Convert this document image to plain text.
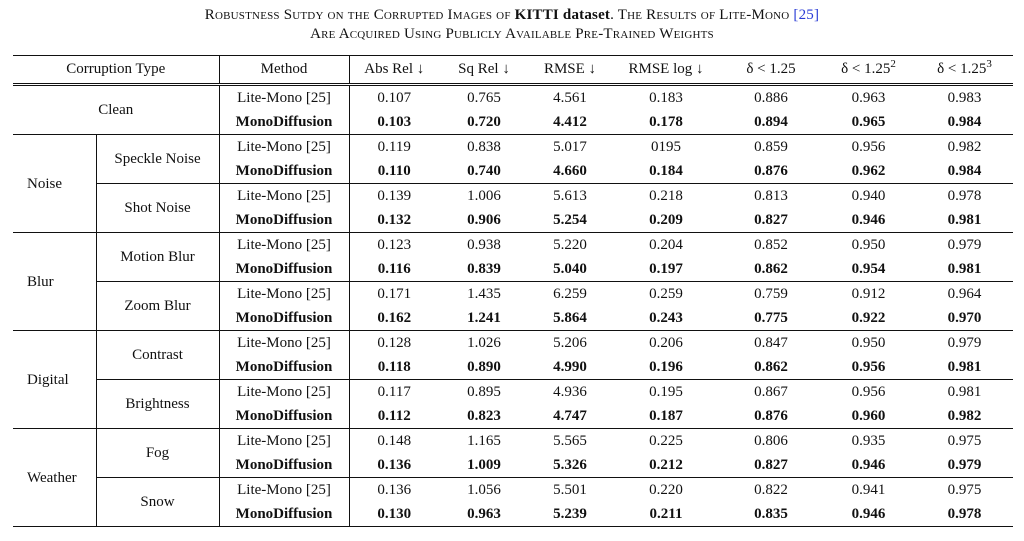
Robustness Sutdy on the Corrupted Images of KITTI dataset. The Results of Lite-Mono [25]
Are Acquired Using Publicly Available Pre-Trained Weights
Corruption Type		Method	Abs Rel ↓	Sq Rel ↓	RMSE ↓	RMSE log ↓	δ < 1.25	$\delta < 1.25^2$	$\delta < 1.25^3$
Clean		Lite-Mono [25]	0.107	0.765	4.561	0.183	0.886	0.963	0.983
		MonoDiffusion	0.103	0.720	4.412	0.178	0.894	0.965	0.984
Noise	Speckle Noise	Lite-Mono [25]	0.119	0.838	5.017	0195	0.859	0.956	0.982
		MonoDiffusion	0.110	0.740	4.660	0.184	0.876	0.962	0.984
	Shot Noise	Lite-Mono [25]	0.139	1.006	5.613	0.218	0.813	0.940	0.978
		MonoDiffusion	0.132	0.906	5.254	0.209	0.827	0.946	0.981
Blur	Motion Blur	Lite-Mono [25]	0.123	0.938	5.220	0.204	0.852	0.950	0.979
		MonoDiffusion	0.116	0.839	5.040	0.197	0.862	0.954	0.981
	Zoom Blur	Lite-Mono [25]	0.171	1.435	6.259	0.259	0.759	0.912	0.964
		MonoDiffusion	0.162	1.241	5.864	0.243	0.775	0.922	0.970
Digital	Contrast	Lite-Mono [25]	0.128	1.026	5.206	0.206	0.847	0.950	0.979
		MonoDiffusion	0.118	0.890	4.990	0.196	0.862	0.956	0.981
	Brightness	Lite-Mono [25]	0.117	0.895	4.936	0.195	0.867	0.956	0.981
		MonoDiffusion	0.112	0.823	4.747	0.187	0.876	0.960	0.982
Weather	Fog	Lite-Mono [25]	0.148	1.165	5.565	0.225	0.806	0.935	0.975
		MonoDiffusion	0.136	1.009	5.326	0.212	0.827	0.946	0.979
	Snow	Lite-Mono [25]	0.136	1.056	5.501	0.220	0.822	0.941	0.975
		MonoDiffusion	0.130	0.963	5.239	0.211	0.835	0.946	0.978
